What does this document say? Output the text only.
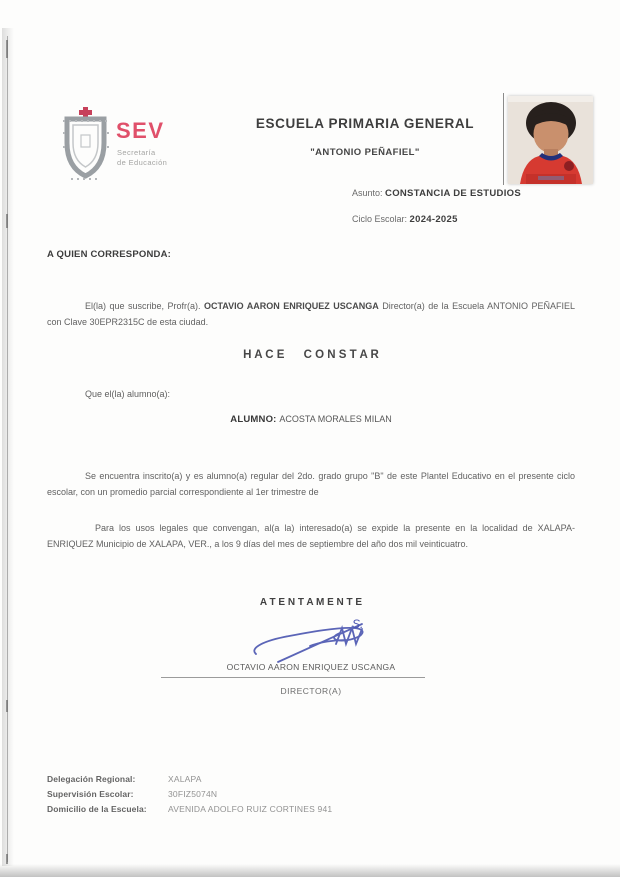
SEV
Secretaría
de Educación
ESCUELA PRIMARIA GENERAL
"ANTONIO PEÑAFIEL"
Asunto: CONSTANCIA DE ESTUDIOS
Ciclo Escolar: 2024-2025
A QUIEN CORRESPONDA:

El(la) que suscribe, Profr(a). OCTAVIO AARON ENRIQUEZ USCANGA Director(a) de la Escuela ANTONIO PEÑAFIEL con Clave 30EPR2315C de esta ciudad.

H A C E      C O N S T A R
Que el(la) alumno(a):
ALUMNO: ACOSTA MORALES MILAN

Se encuentra inscrito(a) y es alumno(a) regular del 2do. grado grupo "B" de este Plantel Educativo en el presente ciclo escolar, con un promedio parcial correspondiente al 1er trimestre de

Para los usos legales que convengan, al(a la) interesado(a) se expide la presente en la localidad de XALAPA-ENRIQUEZ Municipio de XALAPA, VER., a los 9 días del mes de septiembre del año dos mil veinticuatro.

A T E N T A M E N T E
S.
OCTAVIO AARON ENRIQUEZ USCANGA
DIRECTOR(A)
Delegación Regional:	XALAPA
Supervisión Escolar:	30FIZ5074N
Domicilio de la Escuela:	AVENIDA ADOLFO RUIZ CORTINES 941
